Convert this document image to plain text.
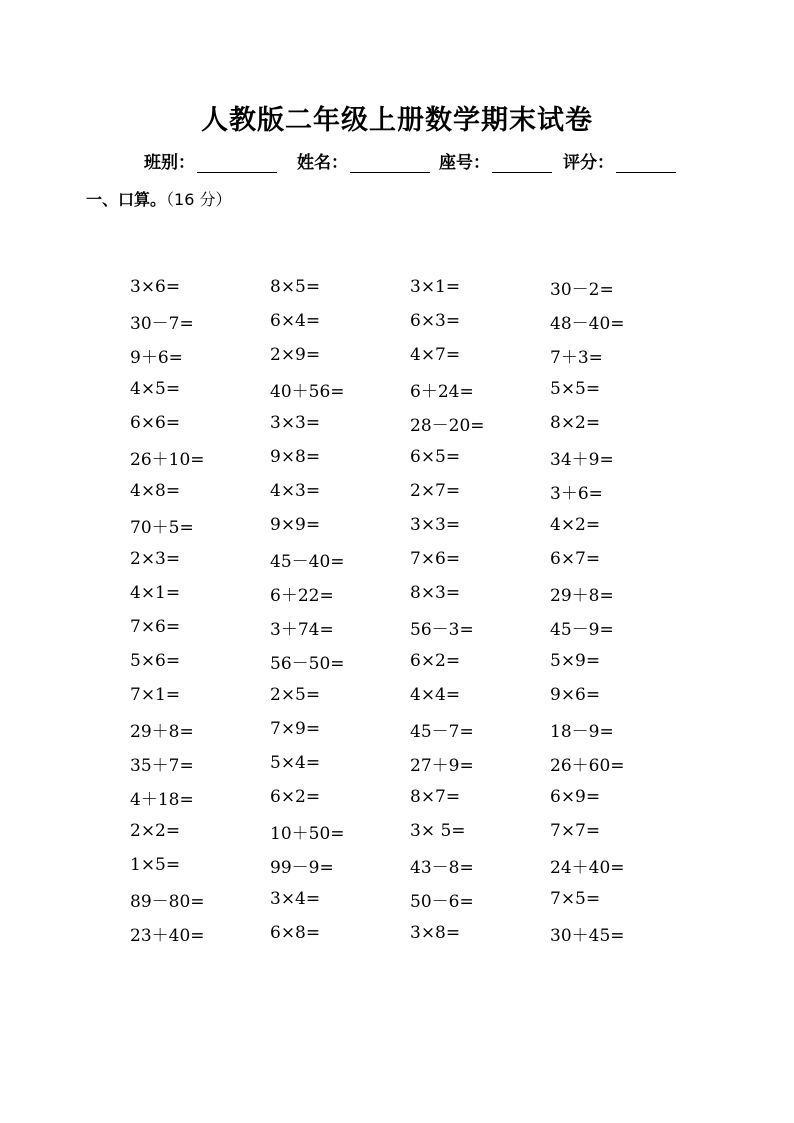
人教版二年级上册数学期末试卷
班别：	姓名：	座号：	评分：
一、口算。（16 分）
3×6=	8×5=	3×1=	30－2=
30－7=	6×4=	6×3=	48－40=
9＋6=	2×9=	4×7=	7＋3=
4×5=	40＋56=	6＋24=	5×5=
6×6=	3×3=	28－20=	8×2=
26＋10=	9×8=	6×5=	34＋9=
4×8=	4×3=	2×7=	3＋6=
70＋5=	9×9=	3×3=	4×2=
2×3=	45－40=	7×6=	6×7=
4×1=	6＋22=	8×3=	29＋8=
7×6=	3＋74=	56－3=	45－9=
5×6=	56－50=	6×2=	5×9=
7×1=	2×5=	4×4=	9×6=
29＋8=	7×9=	45－7=	18－9=
35＋7=	5×4=	27＋9=	26＋60=
4＋18=	6×2=	8×7=	6×9=
2×2=	10＋50=	3× 5=	7×7=
1×5=	99－9=	43－8=	24＋40=
89－80=	3×4=	50－6=	7×5=
23＋40=	6×8=	3×8=	30＋45=
